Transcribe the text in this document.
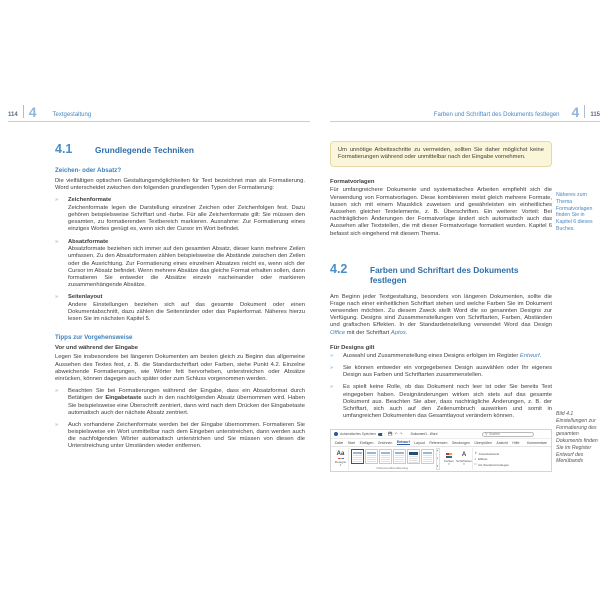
114 4	Textgestaltung
4.1	Grundlegende Techniken
Zeichen- oder Absatz?

Die vielfältigen optischen Gestaltungsmöglichkeiten für Text bezeichnet man als Formatierung. Word unterscheidet zwischen den folgenden grundlegenden Typen der Formatierung:

»	Zeichenformate
Zeichenformate legen die Darstellung einzelner Zeichen oder Zeichenfolgen fest. Dazu gehören beispielsweise Schriftart und -farbe. Für alle Zeichenformate gilt: Sie müssen den gesamten, zu formatierenden Textbereich markieren. Ausnahme: Zur Formatierung eines einziges Wortes genügt es, wenn sich der Cursor im Wort befindet.
»	Absatzformate
Absatzformate beziehen sich immer auf den gesamten Absatz, dieser kann mehrere Zeilen umfassen. Zu den Absatzformaten zählen beispielsweise die Abstände zwischen den Zeilen oder die Ausrichtung. Zur Formatierung eines einzelnen Absatzes reicht es, wenn sich der Cursor im Absatz befindet. Wenn mehrere Absätze das gleiche Format erhalten sollen, dann formatieren Sie entweder die Absätze einzeln nacheinander oder markieren zusammenhängende Absätze.
»	Seitenlayout
Andere Einstellungen beziehen sich auf das gesamte Dokument oder einen Dokumentabschnitt, dazu zählen die Seitenränder oder das Papierformat. Näheres hierzu lesen Sie im nächsten Kapitel 5.
Tipps zur Vorgehensweise
Vor und während der Eingabe

Legen Sie insbesondere bei längeren Dokumenten am besten gleich zu Beginn das allgemeine Aussehen des Textes fest, z. B. die Standardschriftart oder Farben, siehe Punkt 4.2. Einzelne abweichende Formatierungen, wie Wörter fett hervorheben, unterstreichen oder Absätze einrücken, können dagegen auch später oder zum Schluss vorgenommen werden.

»	Beachten Sie bei Formatierungen während der Eingabe, dass ein Absatzformat durch Betätigen der Eingabetaste auch in den nachfolgenden Absatz übernommen wird. Haben Sie beispielsweise eine Überschrift zentriert, dann wird nach dem Drücken der Eingabetaste automatisch auch der nächste Absatz zentriert.
»	Auch vorhandene Zeichenformate werden bei der Eingabe übernommen. Formatieren Sie beispielsweise ein Wort unmittelbar nach dem Eingeben unterstreichen, dann werden auch die nachfolgenden Wörter automatisch unterstrichen und Sie müssen von diesen die Unterstreichung unter Umständen wieder entfernen.
Farben und Schriftart des Dokuments festlegen 4 115

Um unnötige Arbeitsschritte zu vermeiden, sollten Sie daher möglichst keine Formatierungen während oder unmittelbar nach der Eingabe vornehmen.

Formatvorlagen

Für umfangreichere Dokumente und systematisches Arbeiten empfiehlt sich die Verwendung von Formatvorlagen. Diese kombinieren meist gleich mehrere Formate, lassen sich mit einem Mausklick zuweisen und gewährleisten ein einheitliches Aussehen gleicher Textelemente, z. B. Überschriften. Ein weiterer Vorteil: Bei nachträglichen Änderungen der Formatvorlage ändert sich automatisch auch das Aussehen aller Textstellen, die mit dieser Formatvorlage formatiert wurden. Kapitel 6 befasst sich eingehend mit diesem Thema.

4.2	Farben und Schriftart des Dokuments festlegen

Am Beginn jeder Textgestaltung, besonders von längeren Dokumenten, sollte die Frage nach einer einheitlichen Schriftart stehen und welche Farben Sie im Dokument verwenden möchten. Zu diesem Zweck stellt Word die so genannten Designs zur Verfügung. Designs sind Zusammenstellungen von Schriftarten, Farben, Abständen und grafischen Effekten. In der Standardeinstellung verwendet Word das Design Office mit der Schriftart Aptos.

Für Designs gilt
»	Auswahl und Zusammenstellung eines Designs erfolgen im Register Entwurf.
»	Sie können entweder ein vorgegebenes Design auswählen oder Ihr eigenes Design aus Farben und Schriftarten zusammenstellen.
»	Es spielt keine Rolle, ob das Dokument noch leer ist oder Sie bereits Text eingegeben haben. Designänderungen wirken sich stets auf das gesamte Dokument aus. Beachten Sie aber, dass nachträgliche Änderungen, z. B. der Schriftart, sich auch auf den Zeilenumbruch auswirken und somit in umfangreichen Dokumenten das Gesamtlayout verändern können.
Automatisches Speichern	💾 ↶ ↷	Dokument1 - Word	⚲ Suchen
Datei Start Einfügen Zeichnen Entwurf Layout Referenzen Sendungen Überprüfen Ansicht Hilfe Kommentare
Aa
Designs
▾
Dokumentformatierung
▴
▾
▼
Farben
▾
A
Schriftarten
▾
⇕ Absatzabstand
◐ Effekte
□ Als Standard festlegen
Näheres zum Thema Formatvorlagen finden Sie in Kapitel 6 dieses Buches.
Bild 4.1 Einstellungen zur Formatierung des gesamten Dokuments finden Sie im Register Entwurf des Menübands
